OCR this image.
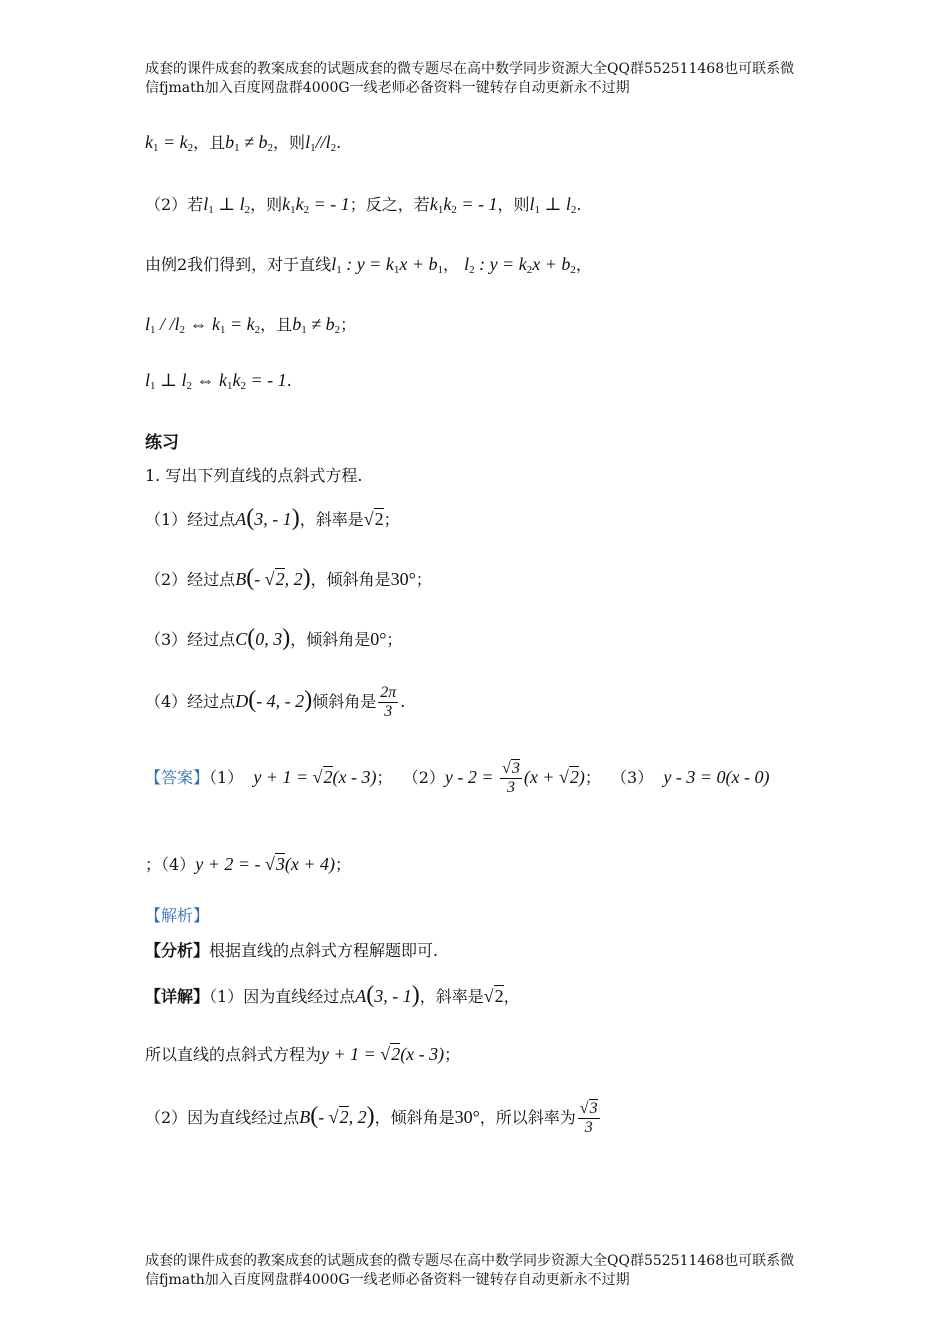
成套的课件成套的教案成套的试题成套的微专题尽在高中数学同步资源大全QQ群552511468也可联系微
信fjmath加入百度网盘群4000G一线老师必备资料一键转存自动更新永不过期
$k_1 = k_2$，且$b_1 \ne b_2$，则$l_1//l_2$.
（2）若$l_1$ ⊥ $l_2$，则$k_1k_2$ = - 1；反之，若$k_1k_2$ = - 1，则$l_1$ ⊥ $l_2$.
由例2我们得到，对于直线$l_1$ : $y = k_1x + b_1$， $l_2$ : $y = k_2x + b_2$，
$l_1 / /l_2$ ⇔ $k_1 = k_2$，且$b_1 \ne b_2$；
$l_1$ ⊥ $l_2$ ⇔ $k_1k_2$ = - 1.
练习
1. 写出下列直线的点斜式方程.
（1）经过点A(3, - 1)，斜率是√2；
（2）经过点B(- √2, 2)，倾斜角是30°；
（3）经过点C(0, 3)，倾斜角是0°；
（4）经过点D(- 4, - 2)倾斜角是 $\frac{2\pi}{3}$ .
【答案】（1） y + 1 = √2(x - 3)；  $(2)y - 2 = \frac{√3}{3} (x + √2)$；  （3） y - 3 = 0(x - 0)
；（4）y + 2 = - √3(x + 4)；
【解析】
【分析】根据直线的点斜式方程解题即可.
【详解】（1）因为直线经过点A(3, - 1)，斜率是√2，
所以直线的点斜式方程为y + 1 = √2(x - 3)；
（2）因为直线经过点B(- √2, 2)，倾斜角是30°，所以斜率为 $\frac{√3}{3}$
成套的课件成套的教案成套的试题成套的微专题尽在高中数学同步资源大全QQ群552511468也可联系微
信fjmath加入百度网盘群4000G一线老师必备资料一键转存自动更新永不过期
